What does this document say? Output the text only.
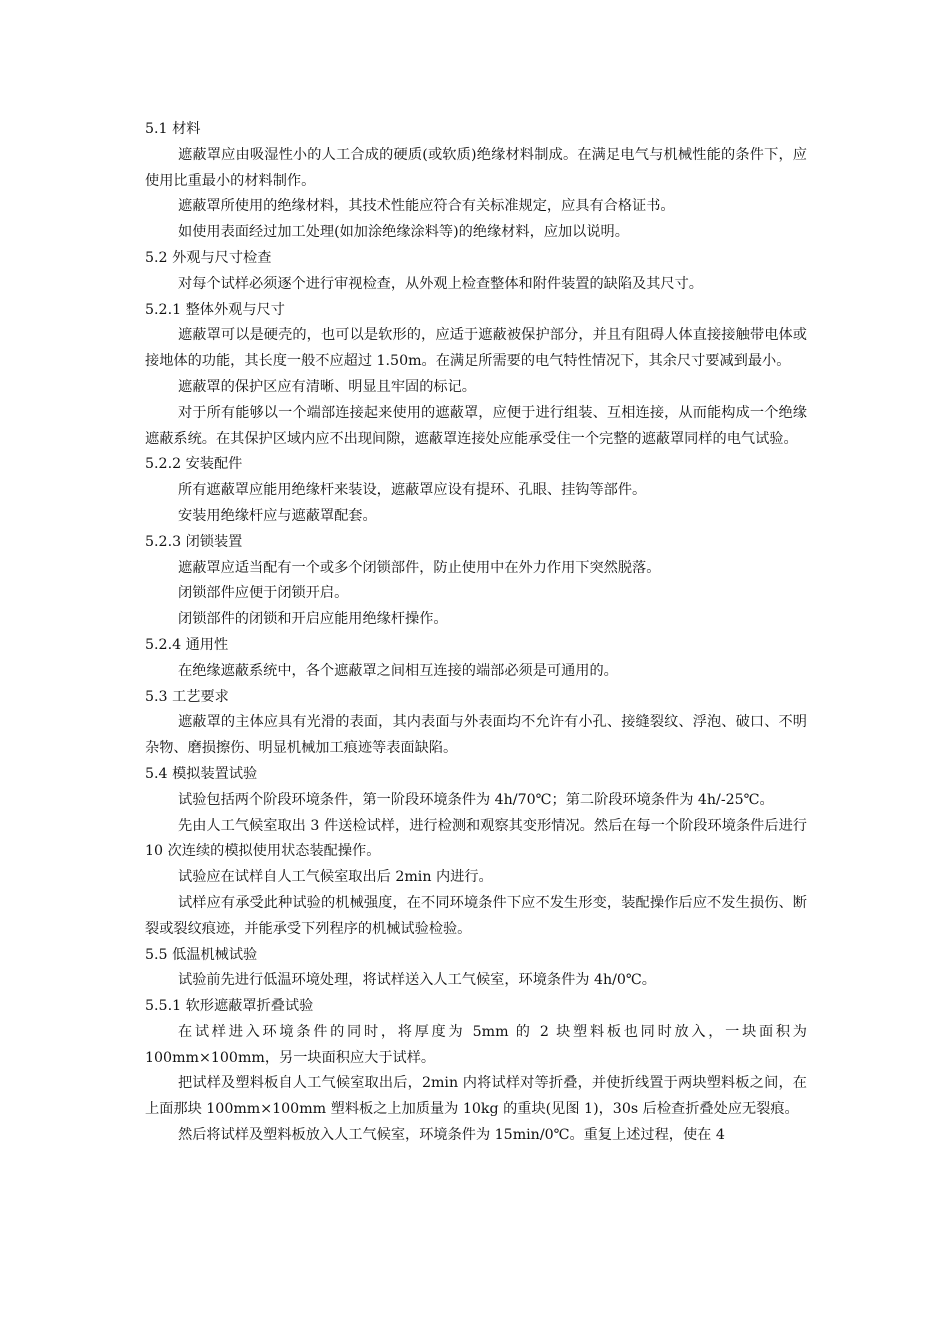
5.1 材料

遮蔽罩应由吸湿性小的人工合成的硬质(或软质)绝缘材料制成。在满足电气与机械性能的条件下，应使用比重最小的材料制作。

遮蔽罩所使用的绝缘材料，其技术性能应符合有关标准规定，应具有合格证书。

如使用表面经过加工处理(如加涂绝缘涂料等)的绝缘材料，应加以说明。

5.2 外观与尺寸检查

对每个试样必须逐个进行审视检查，从外观上检查整体和附件装置的缺陷及其尺寸。

5.2.1 整体外观与尺寸

遮蔽罩可以是硬壳的，也可以是软形的，应适于遮蔽被保护部分，并且有阻碍人体直接接触带电体或接地体的功能，其长度一般不应超过 1.50m。在满足所需要的电气特性情况下，其余尺寸要减到最小。

遮蔽罩的保护区应有清晰、明显且牢固的标记。

对于所有能够以一个端部连接起来使用的遮蔽罩，应便于进行组装、互相连接，从而能构成一个绝缘遮蔽系统。在其保护区域内应不出现间隙，遮蔽罩连接处应能承受住一个完整的遮蔽罩同样的电气试验。

5.2.2 安装配件

所有遮蔽罩应能用绝缘杆来装设，遮蔽罩应设有提环、孔眼、挂钩等部件。

安装用绝缘杆应与遮蔽罩配套。

5.2.3 闭锁装置

遮蔽罩应适当配有一个或多个闭锁部件，防止使用中在外力作用下突然脱落。

闭锁部件应便于闭锁开启。

闭锁部件的闭锁和开启应能用绝缘杆操作。

5.2.4 通用性

在绝缘遮蔽系统中，各个遮蔽罩之间相互连接的端部必须是可通用的。

5.3 工艺要求

遮蔽罩的主体应具有光滑的表面，其内表面与外表面均不允许有小孔、接缝裂纹、浮泡、破口、不明杂物、磨损擦伤、明显机械加工痕迹等表面缺陷。

5.4 模拟装置试验

试验包括两个阶段环境条件，第一阶段环境条件为 4h/70℃；第二阶段环境条件为 4h/-25℃。

先由人工气候室取出 3 件送检试样，进行检测和观察其变形情况。然后在每一个阶段环境条件后进行 10 次连续的模拟使用状态装配操作。

试验应在试样自人工气候室取出后 2min 内进行。

试样应有承受此种试验的机械强度，在不同环境条件下应不发生形变，装配操作后应不发生损伤、断裂或裂纹痕迹，并能承受下列程序的机械试验检验。

5.5 低温机械试验

试验前先进行低温环境处理，将试样送入人工气候室，环境条件为 4h/0℃。

5.5.1 软形遮蔽罩折叠试验

在试样进入环境条件的同时，将厚度为 5mm 的 2 块塑料板也同时放入，一块面积为100mm×100mm，另一块面积应大于试样。

把试样及塑料板自人工气候室取出后，2min 内将试样对等折叠，并使折线置于两块塑料板之间，在上面那块 100mm×100mm 塑料板之上加质量为 10kg 的重块(见图 1)，30s 后检查折叠处应无裂痕。

然后将试样及塑料板放入人工气候室，环境条件为 15min/0℃。重复上述过程，使在 4
